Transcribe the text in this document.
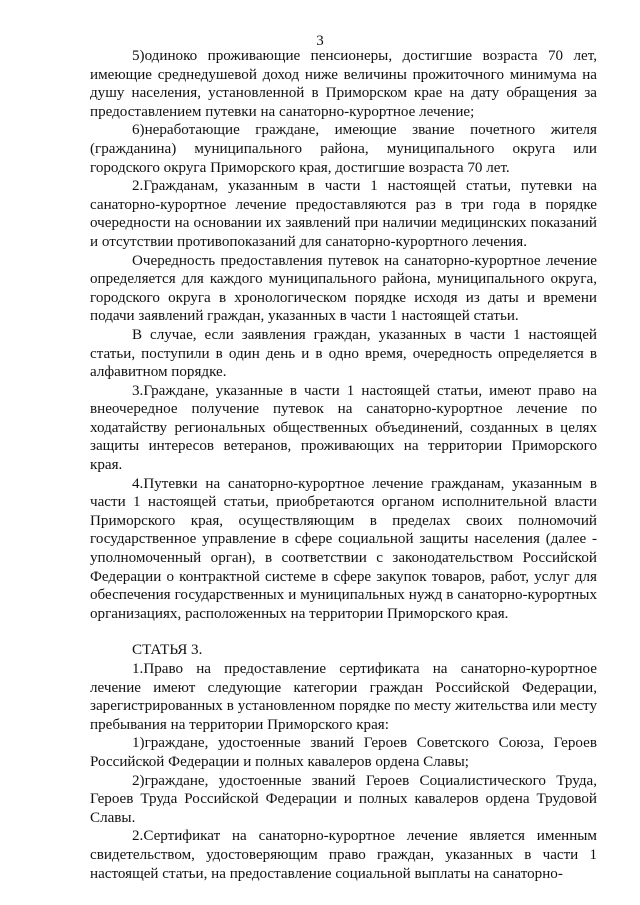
3

5)одиноко проживающие пенсионеры, достигшие возраста 70 лет, имеющие среднедушевой доход ниже величины прожиточного минимума на душу населения, установленной в Приморском крае на дату обращения за предоставлением путевки на санаторно-курортное лечение;

6)неработающие граждане, имеющие звание почетного жителя (гражданина) муниципального района, муниципального округа или городского округа Приморского края, достигшие возраста 70 лет.

2.Гражданам, указанным в части 1 настоящей статьи, путевки на санаторно-курортное лечение предоставляются раз в три года в порядке очередности на основании их заявлений при наличии медицинских показаний и отсутствии противопоказаний для санаторно-курортного лечения.

Очередность предоставления путевок на санаторно-курортное лечение определяется для каждого муниципального района, муниципального округа, городского округа в хронологическом порядке исходя из даты и времени подачи заявлений граждан, указанных в части 1 настоящей статьи.

В случае, если заявления граждан, указанных в части 1 настоящей статьи, поступили в один день и в одно время, очередность определяется в алфавитном порядке.

3.Граждане, указанные в части 1 настоящей статьи, имеют право на внеочередное получение путевок на санаторно-курортное лечение по ходатайству региональных общественных объединений, созданных в целях защиты интересов ветеранов, проживающих на территории Приморского края.

4.Путевки на санаторно-курортное лечение гражданам, указанным в части 1 настоящей статьи, приобретаются органом исполнительной власти Приморского края, осуществляющим в пределах своих полномочий государственное управление в сфере социальной защиты населения (далее - уполномоченный орган), в соответствии с законодательством Российской Федерации о контрактной системе в сфере закупок товаров, работ, услуг для обеспечения государственных и муниципальных нужд в санаторно-курортных организациях, расположенных на территории Приморского края.

СТАТЬЯ 3.

1.Право на предоставление сертификата на санаторно-курортное лечение имеют следующие категории граждан Российской Федерации, зарегистрированных в установленном порядке по месту жительства или месту пребывания на территории Приморского края:

1)граждане, удостоенные званий Героев Советского Союза, Героев Российской Федерации и полных кавалеров ордена Славы;

2)граждане, удостоенные званий Героев Социалистического Труда, Героев Труда Российской Федерации и полных кавалеров ордена Трудовой Славы.

2.Сертификат на санаторно-курортное лечение является именным свидетельством, удостоверяющим право граждан, указанных в части 1 настоящей статьи, на предоставление социальной выплаты на санаторно-
